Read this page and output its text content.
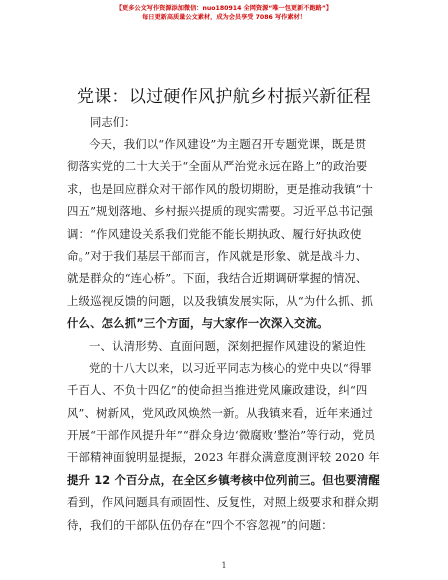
【更多公文写作资源添加微信：nuo180914 全网资源“唯一包更新不跑路”】
每日更新高质量公文素材，成为会员享受 7086 写作素材！
党课：以过硬作风护航乡村振兴新征程
同志们：
今天，我们以“作风建设”为主题召开专题党课，既是贯
彻落实党的二十大关于“全面从严治党永远在路上”的政治要
求，也是回应群众对干部作风的殷切期盼，更是推动我镇“十
四五”规划落地、乡村振兴提质的现实需要。习近平总书记强
调：“作风建设关系我们党能不能长期执政、履行好执政使
命。”对于我们基层干部而言，作风就是形象、就是战斗力、
就是群众的“连心桥”。下面，我结合近期调研掌握的情况、
上级巡视反馈的问题，以及我镇发展实际，从“为什么抓、抓
什么、怎么抓”三个方面，与大家作一次深入交流。
一、认清形势、直面问题，深刻把握作风建设的紧迫性
党的十八大以来，以习近平同志为核心的党中央以“得罪
千百人、不负十四亿”的使命担当推进党风廉政建设，纠“四
风”、树新风，党风政风焕然一新。从我镇来看，近年来通过
开展“干部作风提升年”“群众身边‘微腐败’整治”等行动，党员
干部精神面貌明显提振，2023 年群众满意度测评较 2020 年
提升 12 个百分点，在全区乡镇考核中位列前三。但也要清醒
看到，作风问题具有顽固性、反复性，对照上级要求和群众期
待，我们的干部队伍仍存在“四个不容忽视”的问题：
1
